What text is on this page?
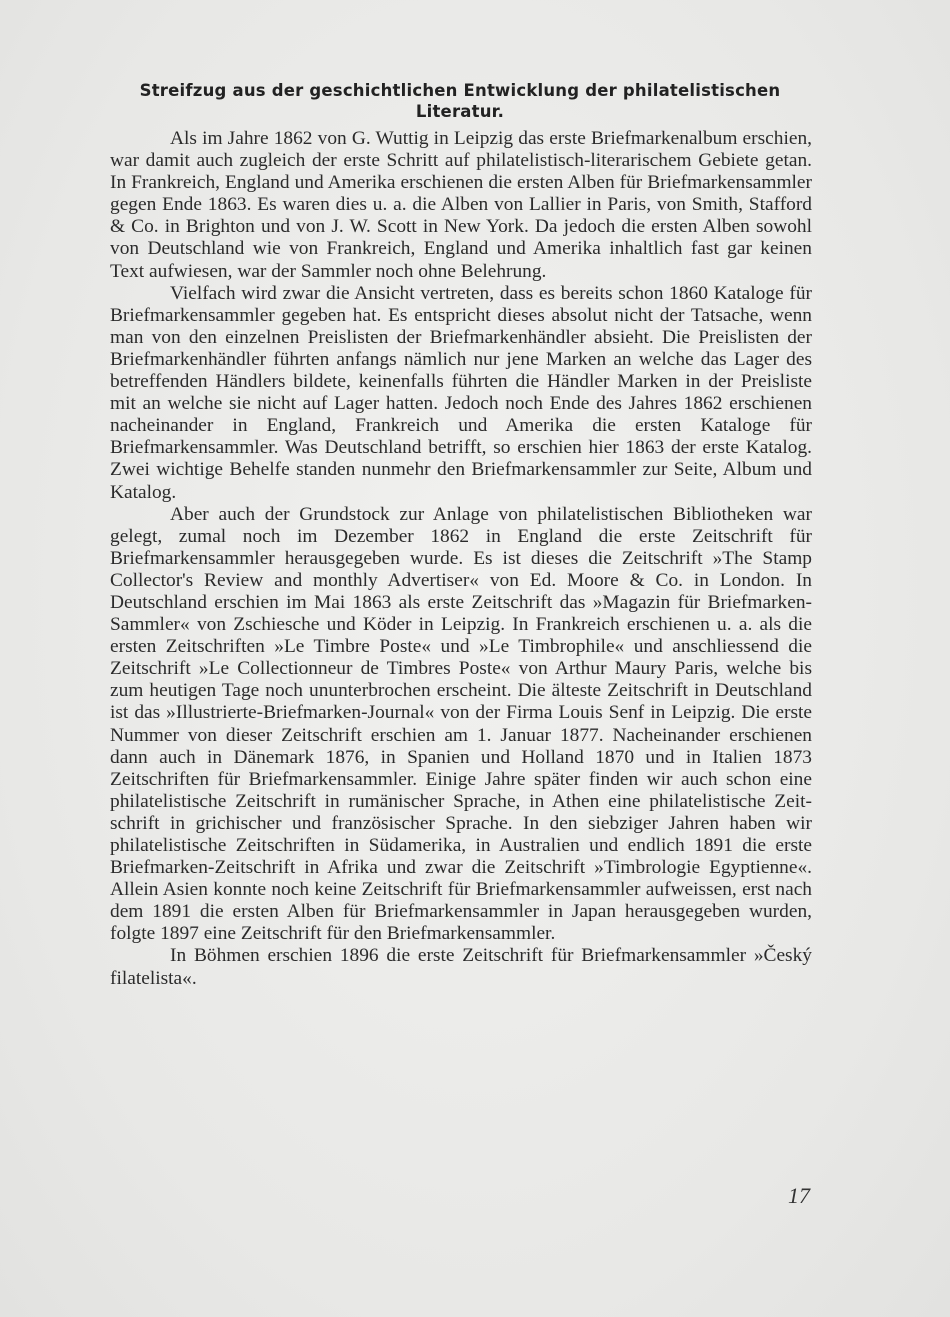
Streifzug aus der geschichtlichen Entwicklung der philatelistischen Literatur.

Als im Jahre 1862 von G. Wuttig in Leipzig das erste Briefmarkenalbum erschien, war damit auch zugleich der erste Schritt auf philatelistisch-literarischem Gebiete getan. In Frankreich, England und Amerika erschienen die ersten Alben für Briefmarkensammler gegen Ende 1863. Es waren dies u. a. die Alben von Lallier in Paris, von Smith, Stafford & Co. in Brighton und von J. W. Scott in New York. Da jedoch die ersten Alben sowohl von Deutschland wie von Frankreich, England und Amerika inhaltlich fast gar keinen Text aufwiesen, war der Sammler noch ohne Belehrung.

Vielfach wird zwar die Ansicht vertreten, dass es bereits schon 1860 Kataloge für Briefmarkensammler gegeben hat. Es entspricht dieses absolut nicht der Tatsache, wenn man von den einzelnen Preislisten der Briefmarkenhändler absieht. Die Preislisten der Briefmarkenhändler führten anfangs nämlich nur jene Marken an welche das Lager des betreffenden Händlers bildete, keinenfalls führten die Händler Marken in der Preisliste mit an welche sie nicht auf Lager hatten. Jedoch noch Ende des Jahres 1862 erschienen nacheinander in England, Frankreich und Amerika die ersten Kataloge für Briefmarkensammler. Was Deutschland betrifft, so erschien hier 1863 der erste Katalog. Zwei wichtige Behelfe standen nunmehr den Briefmarkensammler zur Seite, Album und Katalog.

Aber auch der Grundstock zur Anlage von philatelistischen Bibliotheken war gelegt, zumal noch im Dezember 1862 in England die erste Zeitschrift für Briefmarkensammler herausgegeben wurde. Es ist dieses die Zeitschrift »The Stamp Collector's Review and monthly Advertiser« von Ed. Moore & Co. in London. In Deutschland erschien im Mai 1863 als erste Zeitschrift das »Magazin für Briefmarken-Sammler« von Zschiesche und Köder in Leipzig. In Frankreich erschienen u. a. als die ersten Zeitschriften »Le Timbre Poste« und »Le Timbrophile« und anschliessend die Zeitschrift »Le Collectionneur de Timbres Poste« von Arthur Maury Paris, welche bis zum heutigen Tage noch ununterbrochen erscheint. Die älteste Zeitschrift in Deutschland ist das »Illustrierte-Briefmarken-Journal« von der Firma Louis Senf in Leipzig. Die erste Nummer von dieser Zeitschrift erschien am 1. Januar 1877. Nacheinander erschienen dann auch in Dänemark 1876, in Spanien und Holland 1870 und in Italien 1873 Zeitschriften für Briefmarkensammler. Einige Jahre später finden wir auch schon eine philatelistische Zeitschrift in rumänischer Sprache, in Athen eine philatelistische Zeitschrift in grichischer und französischer Sprache. In den siebziger Jahren haben wir philatelistische Zeitschriften in Südamerika, in Australien und endlich 1891 die erste Briefmarken-Zeitschrift in Afrika und zwar die Zeitschrift »Timbrologie Egyptienne«. Allein Asien konnte noch keine Zeitschrift für Briefmarkensammler aufweissen, erst nach dem 1891 die ersten Alben für Briefmarkensammler in Japan herausgegeben wurden, folgte 1897 eine Zeitschrift für den Briefmarkensammler.

In Böhmen erschien 1896 die erste Zeitschrift für Briefmarkensammler »Český filatelista«.

17
